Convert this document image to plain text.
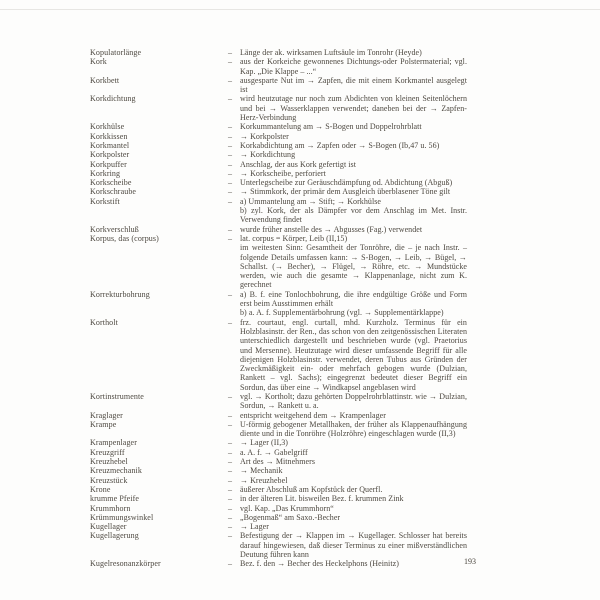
Kopulatorlänge	–	Länge der ak. wirksamen Luftsäule im Tonrohr (Heyde)
Kork	–	aus der Korkeiche gewonnenes Dichtungs-oder Polstermaterial; vgl. Kap. „Die Klappe – ...“
Korkbett	–	ausgesparte Nut im → Zapfen, die mit einem Korkmantel ausgelegt ist
Korkdichtung	–	wird heutzutage nur noch zum Abdichten von kleinen Seitenlöchern und bei → Wasserklappen verwendet; daneben bei der → Zapfen-Herz-Verbindung
Korkhülse	–	Korkummantelung am → S-Bogen und Doppelrohrblatt
Korkkissen	–	→ Korkpolster
Korkmantel	–	Korkabdichtung am → Zapfen oder → S-Bogen (Ib,47 u. 56)
Korkpolster	–	→ Korkdichtung
Korkpuffer	–	Anschlag, der aus Kork gefertigt ist
Korkring	–	→ Korkscheibe, perforiert
Korkscheibe	–	Unterlegscheibe zur Geräuschdämpfung od. Abdichtung (Abguß)
Korkschraube	–	→ Stimmkork, der primär dem Ausgleich überblasener Töne gilt
Korkstift	–	a) Ummantelung am → Stift; → Korkhülse
b) zyl. Kork, der als Dämpfer vor dem Anschlag im Met. Instr. Verwendung findet
Korkverschluß	–	wurde früher anstelle des → Abgusses (Fag.) verwendet
Korpus, das (corpus)	–	lat. corpus = Körper, Leib (II,15)
im weitesten Sinn: Gesamtheit der Tonröhre, die – je nach Instr. – folgende Details umfassen kann: → S-Bogen, → Leib, → Bügel, → Schallst. (→ Becher), → Flügel, → Röhre, etc. → Mundstücke werden, wie auch die gesamte → Klappenanlage, nicht zum K. gerechnet
Korrekturbohrung	–	a) B. f. eine Tonlochbohrung, die ihre endgültige Größe und Form erst beim Ausstimmen erhält
b) a. A. f. Supplementärbohrung (vgl. → Supplementärklappe)
Kortholt	–	frz. courtaut, engl. curtall, mhd. Kurzholz. Terminus für ein Holzblasinstr. der Ren., das schon von den zeitgenössischen Literaten unterschiedlich dargestellt und beschrieben wurde (vgl. Praetorius und Mersenne). Heutzutage wird dieser umfassende Begriff für alle diejenigen Holzblasinstr. verwendet, deren Tubus aus Gründen der Zweckmäßigkeit ein- oder mehrfach gebogen wurde (Dulzian, Rankett – vgl. Sachs); eingegrenzt bedeutet dieser Begriff ein Sordun, das über eine → Windkapsel angeblasen wird
Kortinstrumente	–	vgl. → Kortholt; dazu gehörten Doppelrohrblattinstr. wie → Dulzian, Sordun, → Rankett u. a.
Kraglager	–	entspricht weitgehend dem → Krampenlager
Krampe	–	U-förmig gebogener Metallhaken, der früher als Klappenaufhängung diente und in die Tonröhre (Holzröhre) eingeschlagen wurde (II,3)
Krampenlager	–	→ Lager (II,3)
Kreuzgriff	–	a. A. f. → Gabelgriff
Kreuzhebel	–	Art des → Mitnehmers
Kreuzmechanik	–	→ Mechanik
Kreuzstück	–	→ Kreuzhebel
Krone	–	äußerer Abschluß am Kopfstück der Querfl.
krumme Pfeife	–	in der älteren Lit. bisweilen Bez. f. krummen Zink
Krummhorn	–	vgl. Kap. „Das Krummhorn“
Krümmungswinkel	–	„Bogenmaß“ am Saxo.-Becher
Kugellager	–	→ Lager
Kugellagerung	–	Befestigung der → Klappen im → Kugellager. Schlosser hat bereits darauf hingewiesen, daß dieser Terminus zu einer mißverständlichen Deutung führen kann
Kugelresonanzkörper	–	Bez. f. den → Becher des Heckelphons (Heinitz)	193
